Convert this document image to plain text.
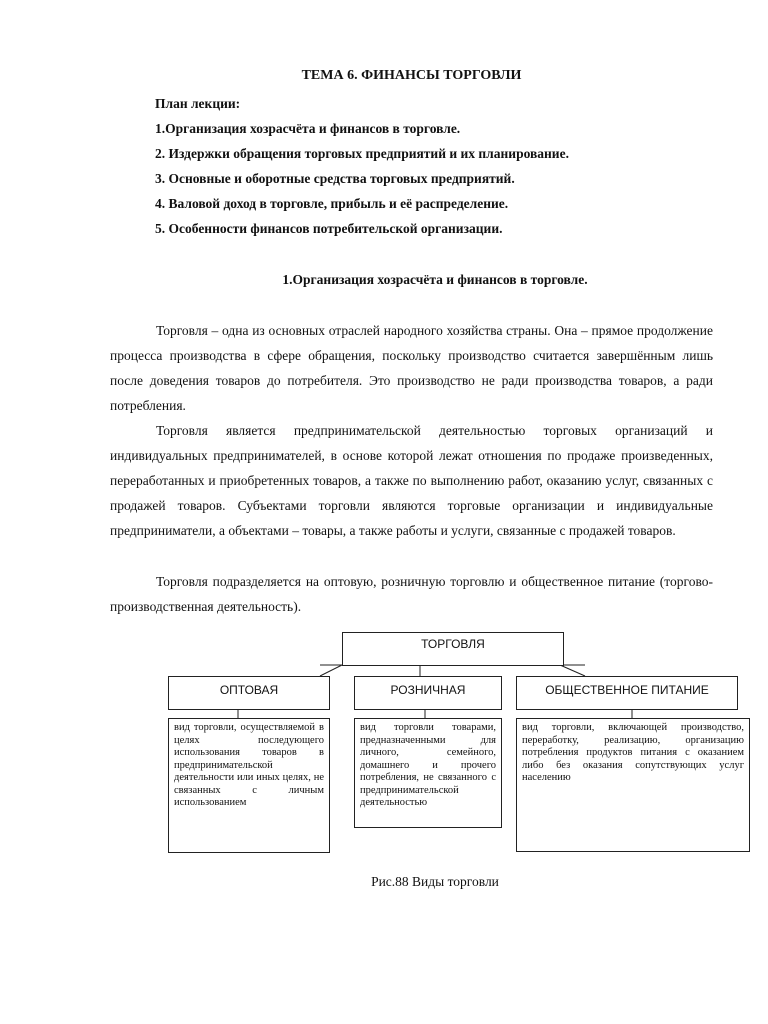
ТЕМА 6. ФИНАНСЫ ТОРГОВЛИ
План лекции:
1.Организация хозрасчёта и финансов в торговле.
2. Издержки обращения торговых предприятий и их планирование.
3. Основные и оборотные средства торговых предприятий.
4. Валовой доход в торговле, прибыль и её распределение.
5. Особенности финансов потребительской организации.
1.Организация хозрасчёта и финансов в торговле.

Торговля – одна из основных отраслей народного хозяйства страны. Она – прямое продолжение процесса производства в сфере обращения, поскольку производство считается завершённым лишь после доведения товаров до потребителя. Это производство не ради производства товаров, а ради потребления.

Торговля является предпринимательской деятельностью торговых организаций и индивидуальных предпринимателей, в основе которой лежат отношения по продаже произведенных, переработанных и приобретенных товаров, а также по выполнению работ, оказанию услуг, связанных с продажей товаров. Субъектами торговли являются торговые организации и индивидуальные предприниматели, а объектами – товары, а также работы и услуги, связанные с продажей товаров.

Торговля подразделяется на оптовую, розничную торговлю и общественное питание (торгово-производственная деятельность).

ТОРГОВЛЯ
ОПТОВАЯ	РОЗНИЧНАЯ	ОБЩЕСТВЕННОЕ ПИТАНИЕ
вид торговли, осуществляемой в целях последующего использования товаров в предпринимательской деятельности или иных целях, не связанных с личным использованием
вид торговли товарами, предназначенными для личного, семейного, домашнего и прочего потребления, не связанного с предпринимательской деятельностью
вид торговли, включающей производство, переработку, реализацию, организацию потребления продуктов питания с оказанием либо без оказания сопутствующих услуг населению
Рис.88 Виды торговли
